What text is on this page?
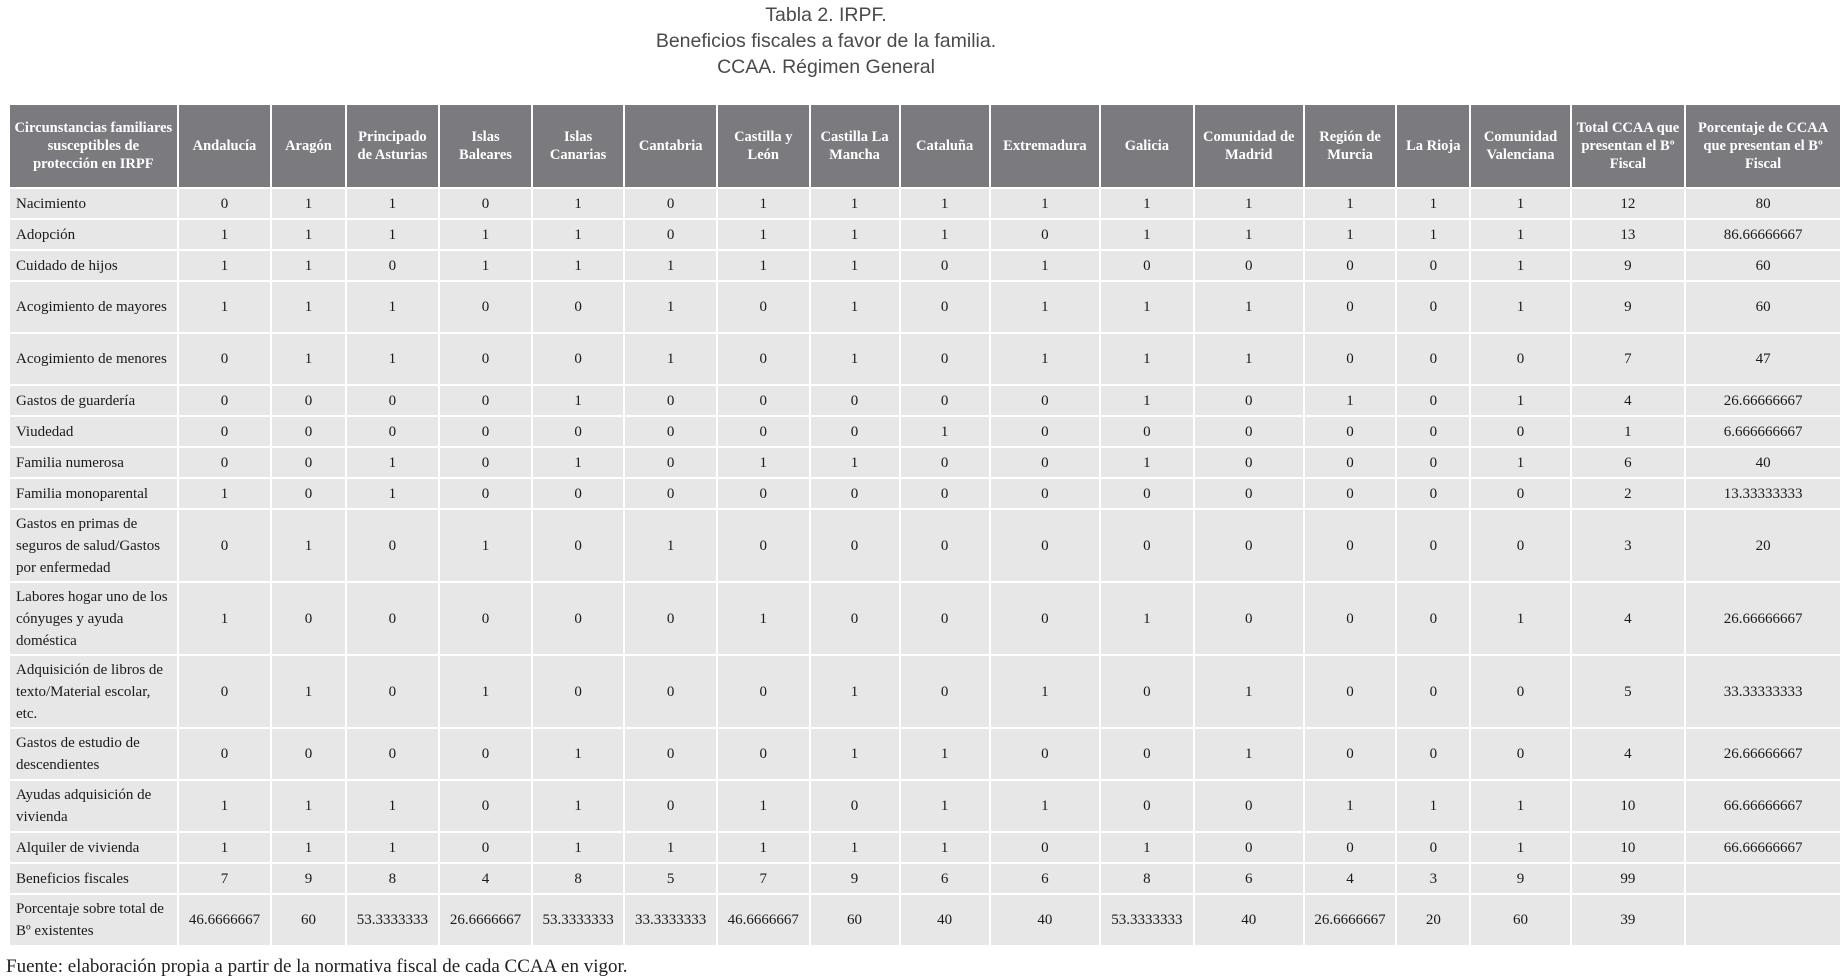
Tabla 2. IRPF.
Beneficios fiscales a favor de la familia.
CCAA. Régimen General
Circunstancias familiares susceptibles de protección en IRPF	Andalucía	Aragón	Principado de Asturias	Islas Baleares	Islas Canarias	Cantabria	Castilla y León	Castilla La Mancha	Cataluña	Extremadura	Galicia	Comunidad de Madrid	Región de Murcia	La Rioja	Comunidad Valenciana	Total CCAA que presentan el Bº Fiscal	Porcentaje de CCAA que presentan el Bº Fiscal
Nacimiento	0	1	1	0	1	0	1	1	1	1	1	1	1	1	1	12	80
Adopción	1	1	1	1	1	0	1	1	1	0	1	1	1	1	1	13	86.66666667
Cuidado de hijos	1	1	0	1	1	1	1	1	0	1	0	0	0	0	1	9	60
Acogimiento de mayores	1	1	1	0	0	1	0	1	0	1	1	1	0	0	1	9	60
Acogimiento de menores	0	1	1	0	0	1	0	1	0	1	1	1	0	0	0	7	47
Gastos de guardería	0	0	0	0	1	0	0	0	0	0	1	0	1	0	1	4	26.66666667
Viudedad	0	0	0	0	0	0	0	0	1	0	0	0	0	0	0	1	6.666666667
Familia numerosa	0	0	1	0	1	0	1	1	0	0	1	0	0	0	1	6	40
Familia monoparental	1	0	1	0	0	0	0	0	0	0	0	0	0	0	0	2	13.33333333
Gastos en primas de seguros de salud/Gastos por enfermedad	0	1	0	1	0	1	0	0	0	0	0	0	0	0	0	3	20
Labores hogar uno de los cónyuges y ayuda doméstica	1	0	0	0	0	0	1	0	0	0	1	0	0	0	1	4	26.66666667
Adquisición de libros de texto/Material escolar, etc.	0	1	0	1	0	0	0	1	0	1	0	1	0	0	0	5	33.33333333
Gastos de estudio de descendientes	0	0	0	0	1	0	0	1	1	0	0	1	0	0	0	4	26.66666667
Ayudas adquisición de vivienda	1	1	1	0	1	0	1	0	1	1	0	0	1	1	1	10	66.66666667
Alquiler de vivienda	1	1	1	0	1	1	1	1	1	0	1	0	0	0	1	10	66.66666667
Beneficios fiscales	7	9	8	4	8	5	7	9	6	6	8	6	4	3	9	99	
Porcentaje sobre total de Bº existentes	46.6666667	60	53.3333333	26.6666667	53.3333333	33.3333333	46.6666667	60	40	40	53.3333333	40	26.6666667	20	60	39	
Fuente: elaboración propia a partir de la normativa fiscal de cada CCAA en vigor.
